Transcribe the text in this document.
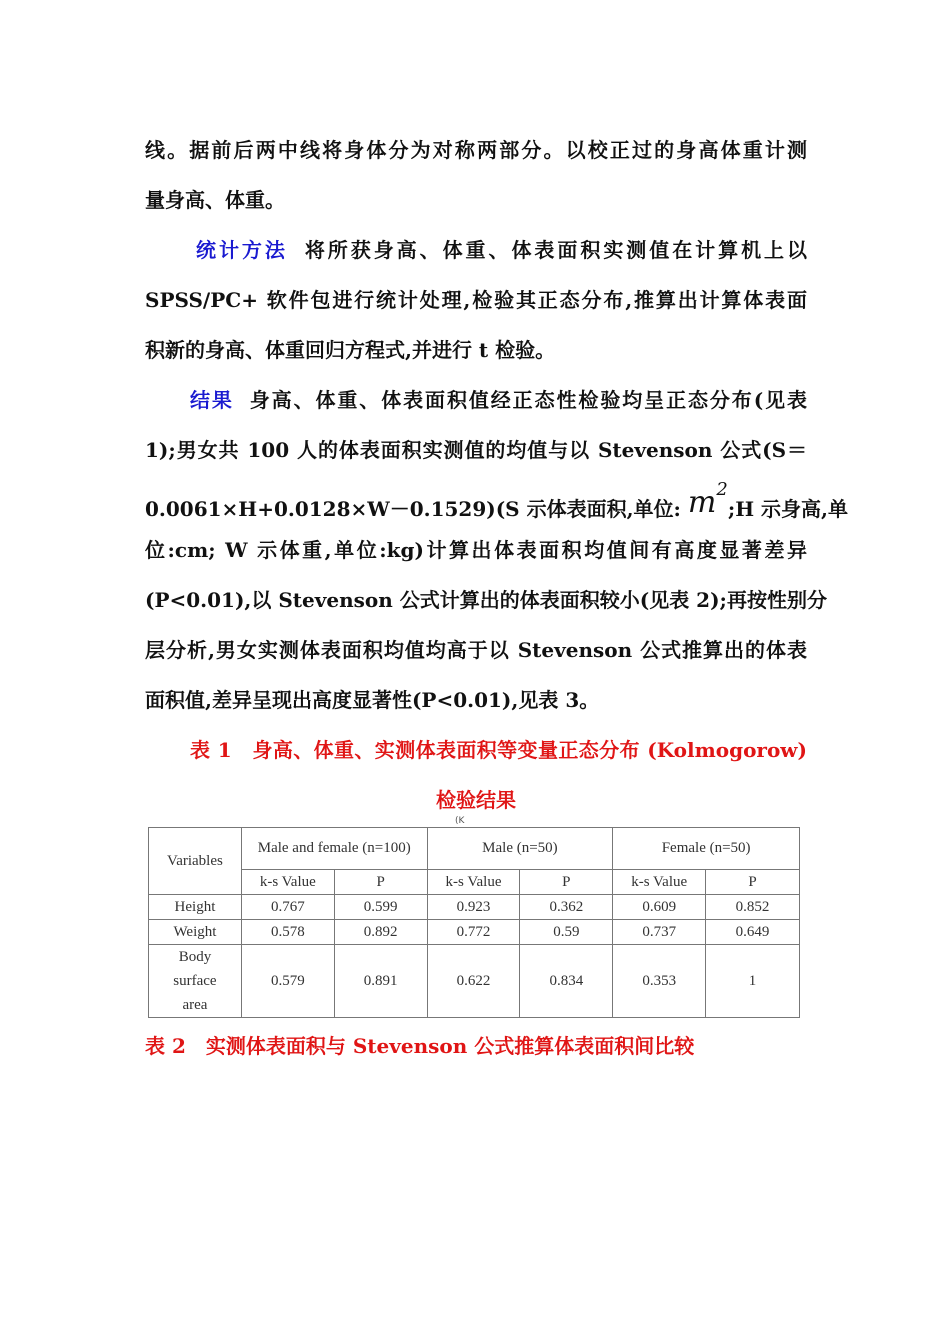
线。据前后两中线将身体分为对称两部分。以校正过的身高体重计测
量身高、体重。
统计方法 将所获身高、体重、体表面积实测值在计算机上以
SPSS/PC+ 软件包进行统计处理,检验其正态分布,推算出计算体表面
积新的身高、体重回归方程式,并进行 t 检验。
结果 身高、体重、体表面积值经正态性检验均呈正态分布(见表
1);男女共 100 人的体表面积实测值的均值与以 Stevenson 公式(S＝
0.0061×H+0.0128×W－0.1529)(S 示体表面积,单位: $m^2;H$ 示身高,单
位:cm; W 示体重,单位:kg)计算出体表面积均值间有高度显著差异
(P<0.01),以 Stevenson 公式计算出的体表面积较小(见表 2);再按性别分
层分析,男女实测体表面积均值均高于以 Stevenson 公式推算出的体表
面积值,差异呈现出高度显著性(P<0.01),见表 3。
表 1　身高、体重、实测体表面积等变量正态分布 (Kolmogorow)
检验结果
(K
Variables	Male and female (n=100)		Male (n=50)		Female (n=50)	
	k-s Value	P	k-s Value	P	k-s Value	P
Height	0.767	0.599	0.923	0.362	0.609	0.852
Weight	0.578	0.892	0.772	0.59	0.737	0.649

Body
surface
area	0.579	0.891	0.622	0.834	0.353	1
表 2　实测体表面积与 Stevenson 公式推算体表面积间比较
